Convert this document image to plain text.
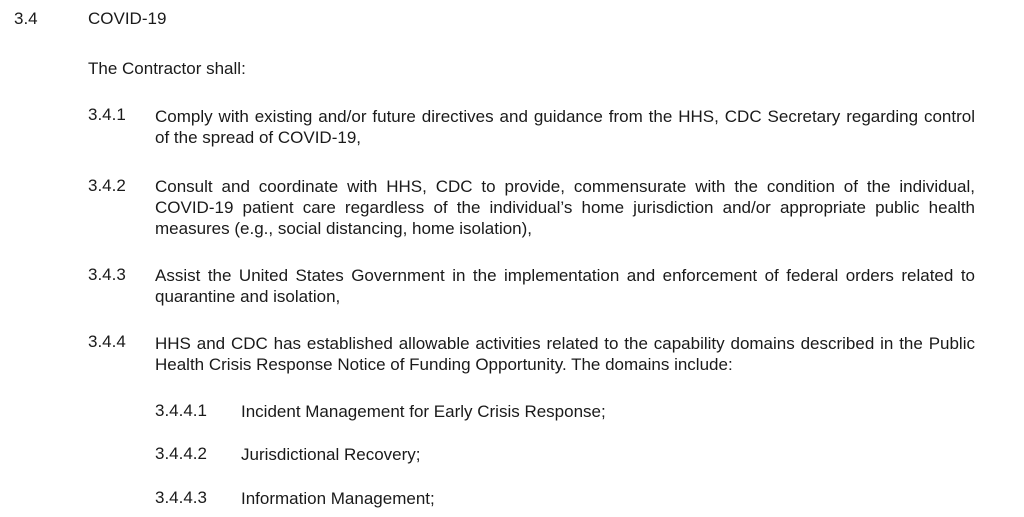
3.4	COVID-19
The Contractor shall:
3.4.1	Comply with existing and/or future directives and guidance from the HHS, CDC Secretary regarding control of the spread of COVID-19,
3.4.2	Consult and coordinate with HHS, CDC to provide, commensurate with the condition of the individual, COVID-19 patient care regardless of the individual’s home jurisdiction and/or appropriate public health measures (e.g., social distancing, home isolation),
3.4.3	Assist the United States Government in the implementation and enforcement of federal orders related to quarantine and isolation,
3.4.4	HHS and CDC has established allowable activities related to the capability domains described in the Public Health Crisis Response Notice of Funding Opportunity. The domains include:
3.4.4.1	Incident Management for Early Crisis Response;
3.4.4.2	Jurisdictional Recovery;
3.4.4.3	Information Management;
